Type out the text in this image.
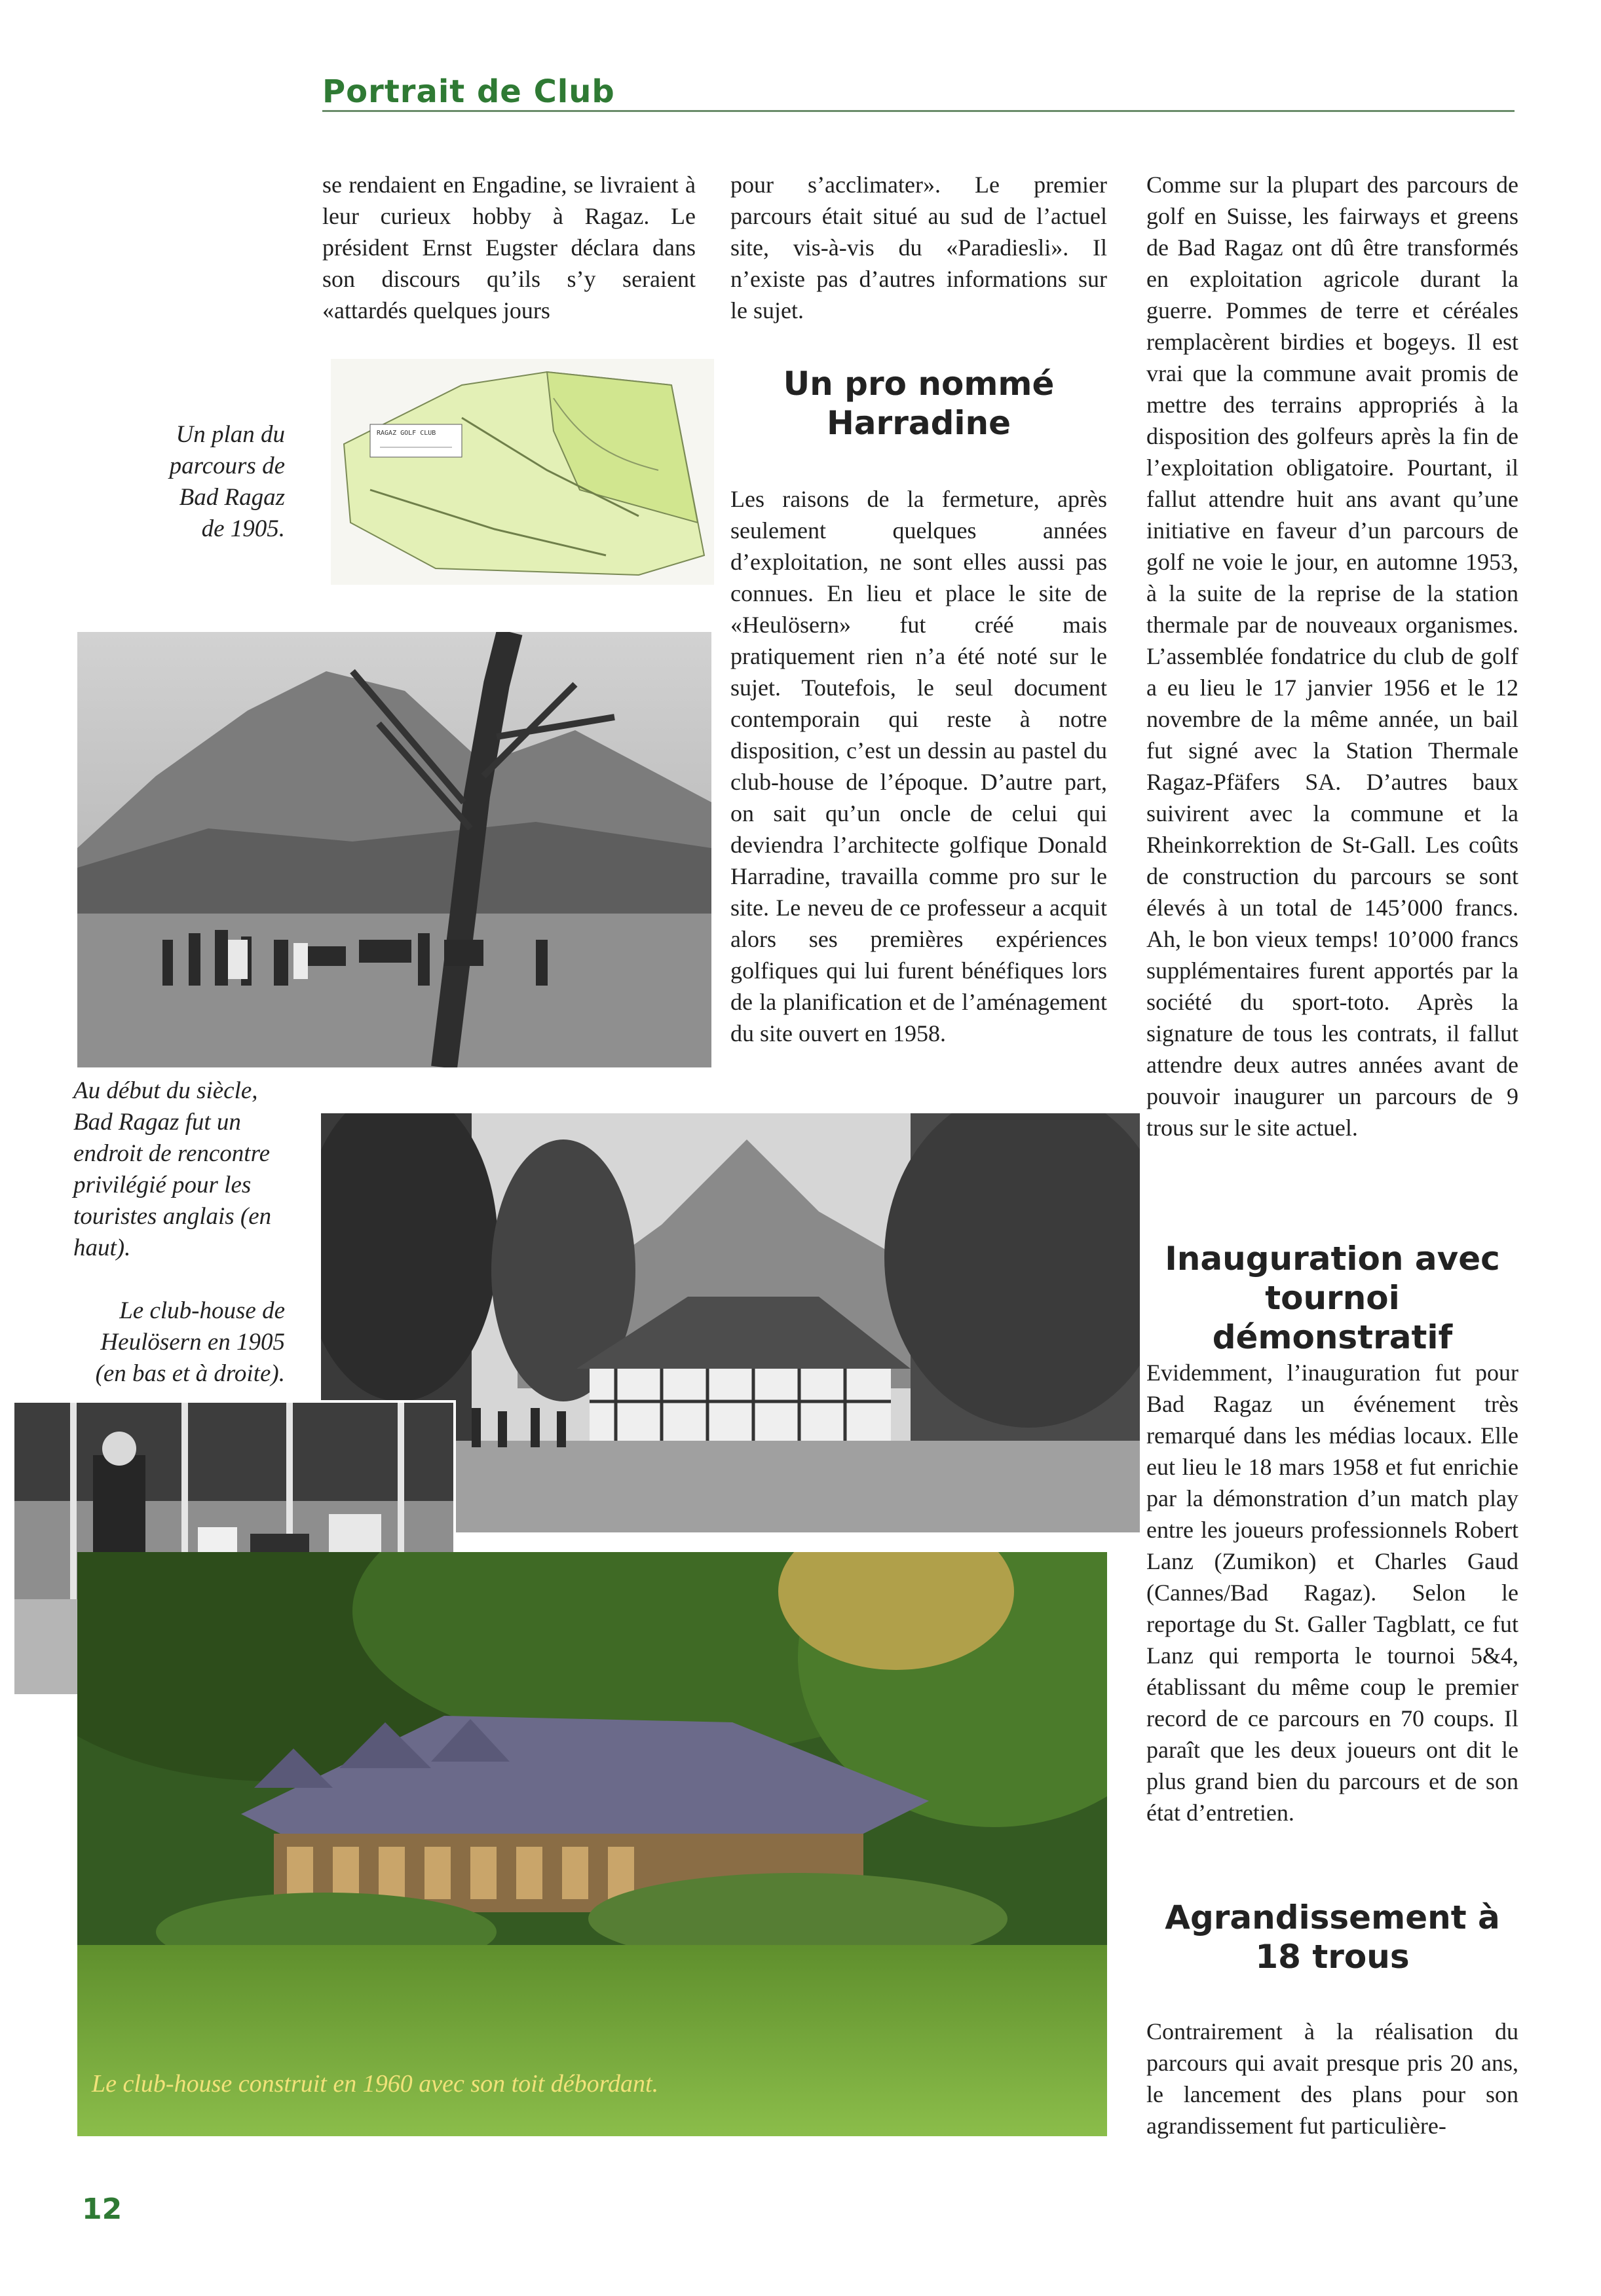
Portrait de Club

se rendaient en Engadine, se livraient à leur curieux hobby à Ragaz. Le président Ernst Eugster déclara dans son discours qu’ils s’y seraient «attardés quelques jours

RAGAZ GOLF CLUB
Un plan du parcours de Bad Ragaz de 1905.
Au début du siècle, Bad Ragaz fut un endroit de rencontre privilégié pour les touristes anglais (en haut).
Le club-house de Heulösern en 1905 (en bas et à droite).

pour s’acclimater». Le premier parcours était situé au sud de l’actuel site, vis-à-vis du «Paradiesli». Il n’existe pas d’autres informations sur le sujet.

Un pro nommé Harradine

Les raisons de la fermeture, après seulement quelques années d’exploitation, ne sont elles aussi pas connues. En lieu et place le site de «Heulösern» fut créé mais pratiquement rien n’a été noté sur le sujet. Toutefois, le seul document contemporain qui reste à notre disposition, c’est un dessin au pastel du club-house de l’époque. D’autre part, on sait qu’un oncle de celui qui deviendra l’architecte golfique Donald Harradine, travailla comme pro sur le site. Le neveu de ce professeur a acquit alors ses premières expériences golfiques qui lui furent bénéfiques lors de la planification et de l’aménagement du site ouvert en 1958.

Le club-house construit en 1960 avec son toit débordant.

Comme sur la plupart des parcours de golf en Suisse, les fairways et greens de Bad Ragaz ont dû être transformés en exploitation agricole durant la guerre. Pommes de terre et céréales remplacèrent birdies et bogeys. Il est vrai que la commune avait promis de mettre des terrains appropriés à la disposition des golfeurs après la fin de l’exploitation obligatoire. Pourtant, il fallut attendre huit ans avant qu’une initiative en faveur d’un parcours de golf ne voie le jour, en automne 1953, à la suite de la reprise de la station thermale par de nouveaux organismes. L’assemblée fondatrice du club de golf a eu lieu le 17 janvier 1956 et le 12 novembre de la même année, un bail fut signé avec la Station Thermale Ragaz-Pfäfers SA. D’autres baux suivirent avec la commune et la Rheinkorrektion de St-Gall. Les coûts de construction du parcours se sont élevés à un total de 145’000 francs. Ah, le bon vieux temps! 10’000 francs supplémentaires furent apportés par la société du sport-toto. Après la signature de tous les contrats, il fallut attendre deux autres années avant de pouvoir inaugurer un parcours de 9 trous sur le site actuel.

Inauguration avec tournoi démonstratif

Evidemment, l’inauguration fut pour Bad Ragaz un événement très remarqué dans les médias locaux. Elle eut lieu le 18 mars 1958 et fut enrichie par la démonstration d’un match play entre les joueurs professionnels Robert Lanz (Zumikon) et Charles Gaud (Cannes/Bad Ragaz). Selon le reportage du St. Galler Tagblatt, ce fut Lanz qui remporta le tournoi 5&4, établissant du même coup le premier record de ce parcours en 70 coups. Il paraît que les deux joueurs ont dit le plus grand bien du parcours et de son état d’entretien.

Agrandissement à 18 trous

Contrairement à la réalisation du parcours qui avait presque pris 20 ans, le lancement des plans pour son agrandissement fut particulière-

12
